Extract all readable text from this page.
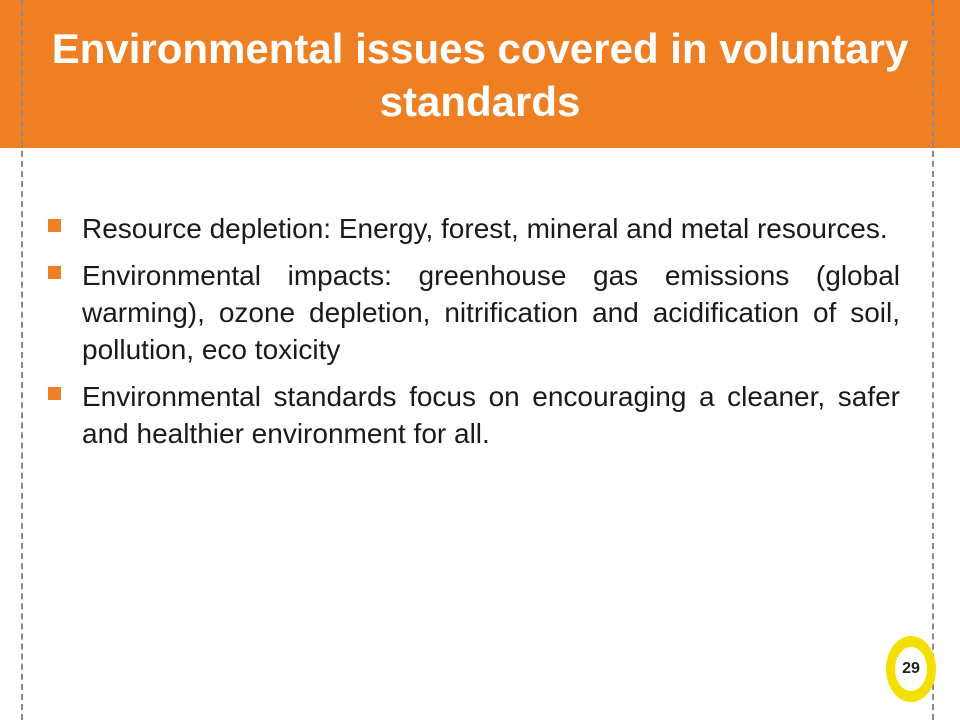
Environmental issues covered in voluntary standards
Resource depletion: Energy, forest, mineral and metal resources.
Environmental impacts: greenhouse gas emissions (global warming), ozone depletion, nitrification and acidification of soil, pollution, eco toxicity
Environmental standards focus on encouraging a cleaner, safer and healthier environment for all.
29
